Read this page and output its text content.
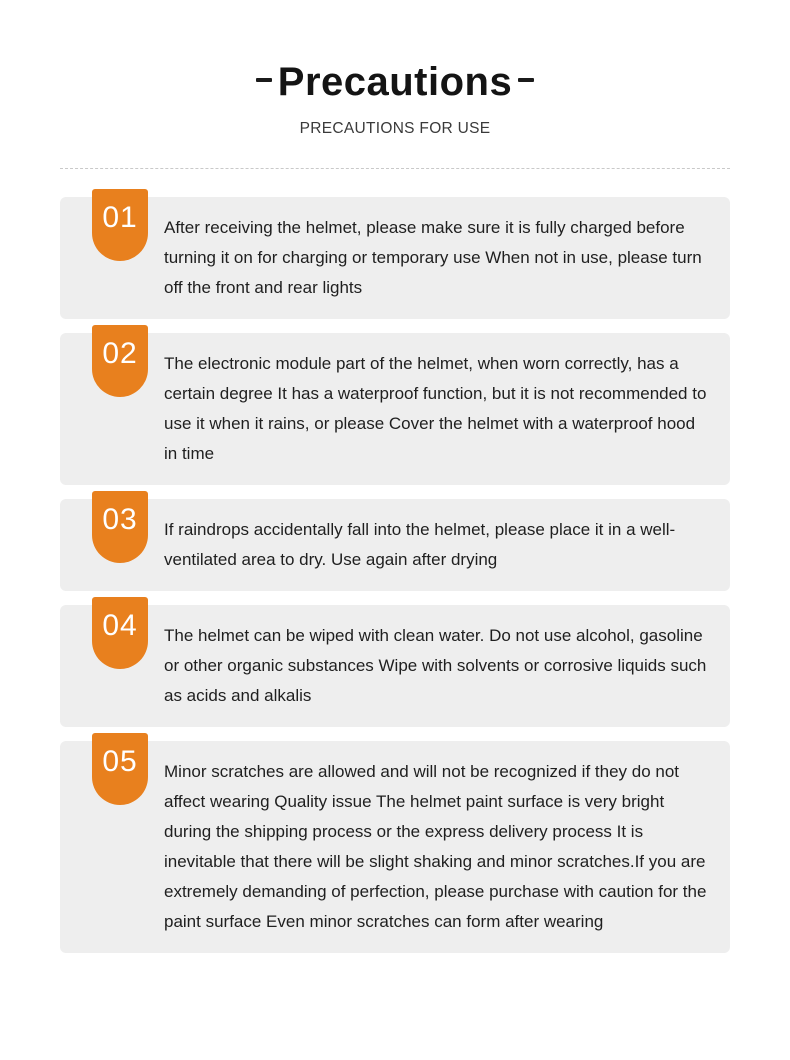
Precautions
PRECAUTIONS FOR USE
01	After receiving the helmet, please make sure it is fully charged before turning it on for charging or temporary use When not in use, please turn off the front and rear lights
02	The electronic module part of the helmet, when worn correctly, has a certain degree It has a waterproof function, but it is not recommended to use it when it rains, or please Cover the helmet with a waterproof hood in time
03	If raindrops accidentally fall into the helmet, please place it in a well-ventilated area to dry. Use again after drying
04	The helmet can be wiped with clean water. Do not use alcohol, gasoline or other organic substances Wipe with solvents or corrosive liquids such as acids and alkalis
05	Minor scratches are allowed and will not be recognized if they do not affect wearing Quality issue The helmet paint surface is very bright during the shipping process or the express delivery process It is inevitable that there will be slight shaking and minor scratches.If you are extremely demanding of perfection, please purchase with caution for the paint surface Even minor scratches can form after wearing
